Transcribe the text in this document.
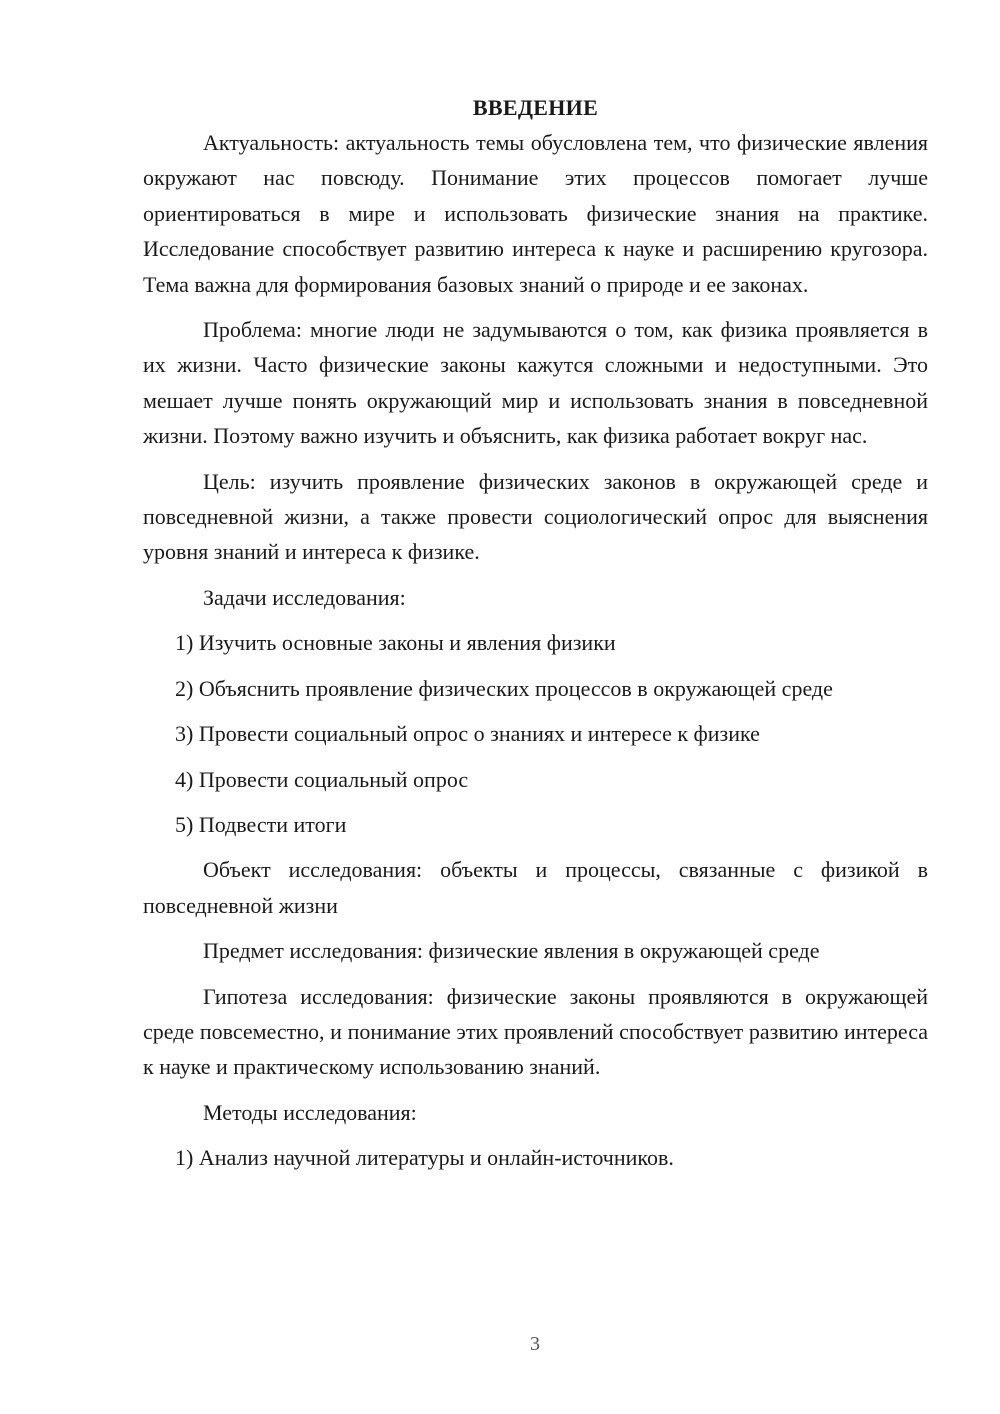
ВВЕДЕНИЕ

Актуальность: актуальность темы обусловлена тем, что физические явления окружают нас повсюду. Понимание этих процессов помогает лучше ориентироваться в мире и использовать физические знания на практике. Исследование способствует развитию интереса к науке и расширению кругозора. Тема важна для формирования базовых знаний о природе и ее законах.

Проблема: многие люди не задумываются о том, как физика проявляется в их жизни. Часто физические законы кажутся сложными и недоступными. Это мешает лучше понять окружающий мир и использовать знания в повседневной жизни. Поэтому важно изучить и объяснить, как физика работает вокруг нас.

Цель: изучить проявление физических законов в окружающей среде и повседневной жизни, а также провести социологический опрос для выяснения уровня знаний и интереса к физике.

Задачи исследования:
1) Изучить основные законы и явления физики
2) Объяснить проявление физических процессов в окружающей среде
3) Провести социальный опрос о знаниях и интересе к физике
4) Провести социальный опрос
5) Подвести итоги

Объект исследования: объекты и процессы, связанные с физикой в повседневной жизни

Предмет исследования: физические явления в окружающей среде

Гипотеза исследования: физические законы проявляются в окружающей среде повсеместно, и понимание этих проявлений способствует развитию интереса к науке и практическому использованию знаний.

Методы исследования:
1) Анализ научной литературы и онлайн-источников.
3
